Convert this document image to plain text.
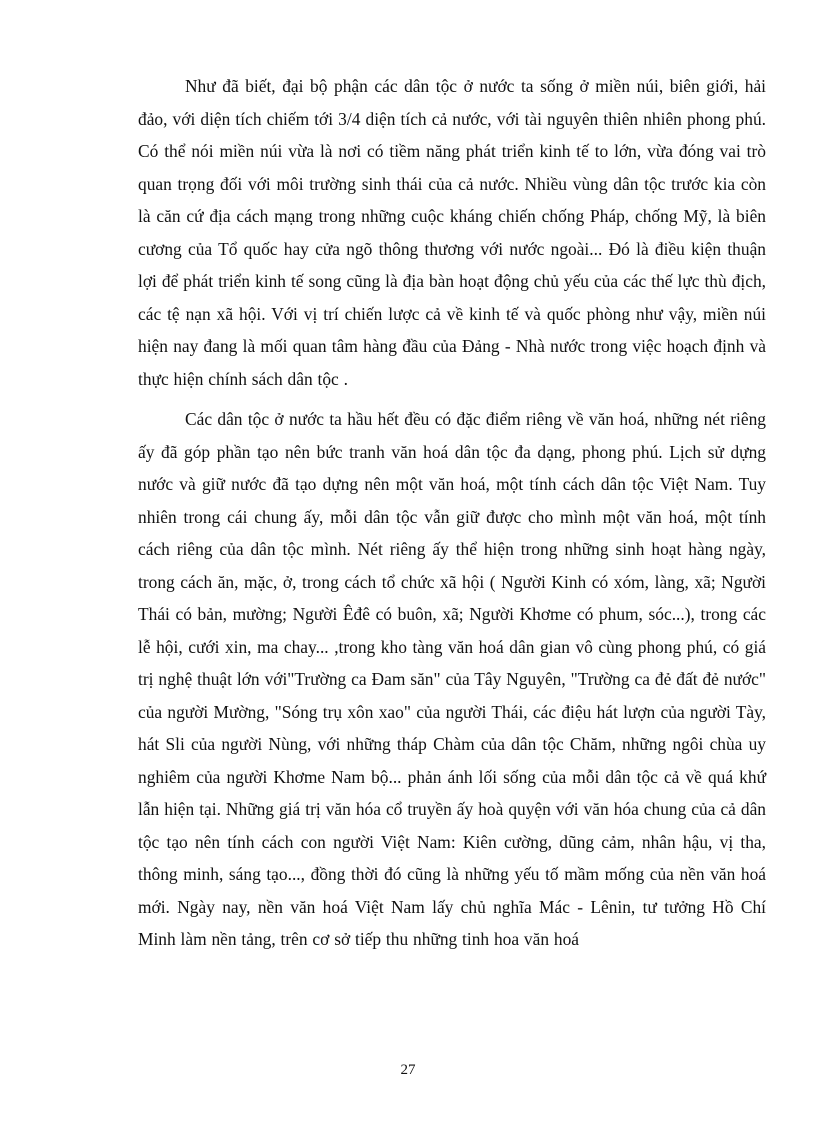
Như đã biết, đại bộ phận các dân tộc ở nước ta sống ở miền núi, biên giới, hải đảo, với diện tích chiếm tới 3/4 diện tích cả nước, với tài nguyên thiên nhiên phong phú. Có thể nói miền núi vừa là nơi có tiềm năng phát triển kinh tế to lớn, vừa đóng vai trò quan trọng đối với môi trường sinh thái của cả nước. Nhiều vùng dân tộc trước kia còn là căn cứ địa cách mạng trong những cuộc kháng chiến chống Pháp, chống Mỹ, là biên cương của Tổ quốc hay cửa ngõ thông thương với nước ngoài... Đó là điều kiện thuận lợi để phát triển kinh tế song cũng là địa bàn hoạt động chủ yếu của các thế lực thù địch, các tệ nạn xã hội. Với vị trí chiến lược cả về kinh tế và quốc phòng như vậy, miền núi hiện nay đang là mối quan tâm hàng đầu của Đảng - Nhà nước trong việc hoạch định và thực hiện chính sách dân tộc .

Các dân tộc ở nước ta hầu hết đều có đặc điểm riêng về văn hoá, những nét riêng ấy đã góp phần tạo nên bức tranh văn hoá dân tộc đa dạng, phong phú. Lịch sử dựng nước và giữ nước đã tạo dựng nên một văn hoá, một tính cách dân tộc Việt Nam. Tuy nhiên trong cái chung ấy, mỗi dân tộc vẫn giữ được cho mình một văn hoá, một tính cách riêng của dân tộc mình. Nét riêng ấy thể hiện trong những sinh hoạt hàng ngày, trong cách ăn, mặc, ở, trong cách tổ chức xã hội ( Người Kinh có xóm, làng, xã; Người Thái có bản, mường; Người Êđê có buôn, xã; Người Khơme có phum, sóc...), trong các lễ hội, cưới xin, ma chay... ,trong kho tàng văn hoá dân gian vô cùng phong phú, có giá trị nghệ thuật lớn với"Trường ca Đam săn" của Tây Nguyên, "Trường ca đẻ đất đẻ nước" của người Mường, "Sóng trụ xôn xao" của người Thái, các điệu hát lượn của người Tày, hát Sli của người Nùng, với những tháp Chàm của dân tộc Chăm, những ngôi chùa uy nghiêm của người Khơme Nam bộ... phản ánh lối sống của mỗi dân tộc cả về quá khứ lẫn hiện tại. Những giá trị văn hóa cổ truyền ấy hoà quyện với văn hóa chung của cả dân tộc tạo nên tính cách con người Việt Nam: Kiên cường, dũng cảm, nhân hậu, vị tha, thông minh, sáng tạo..., đồng thời đó cũng là những yếu tố mầm mống của nền văn hoá mới. Ngày nay, nền văn hoá Việt Nam lấy chủ nghĩa Mác - Lênin, tư tưởng Hồ Chí Minh làm nền tảng, trên cơ sở tiếp thu những tinh hoa văn hoá

27
